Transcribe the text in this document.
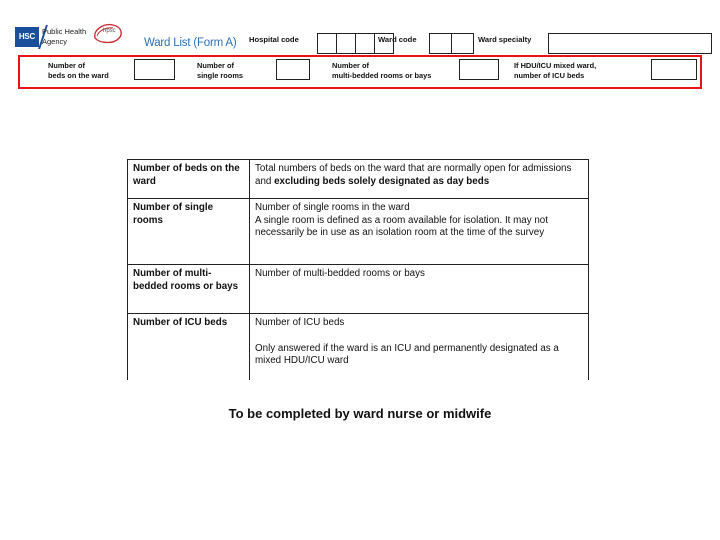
HSC
Public Health
Agency
hpsc
Ward List (Form A) Hospital code	Ward code	Ward specialty
Number of
beds on the ward
Number of
single rooms
Number of
multi-bedded rooms or bays
If HDU/ICU mixed ward,
number of ICU beds
Number of beds on the ward	Total numbers of beds on the ward that are normally open for admissions and excluding beds solely designated as day beds
Number of single rooms	Number of single rooms in the ward
A single room is defined as a room available for isolation. It may not necessarily be in use as an isolation room at the time of the survey
Number of multi-bedded rooms or bays	Number of multi-bedded rooms or bays
Number of ICU beds	Number of ICU beds
Only answered if the ward is an ICU and permanently designated as a mixed HDU/ICU ward
To be completed by ward nurse or midwife
